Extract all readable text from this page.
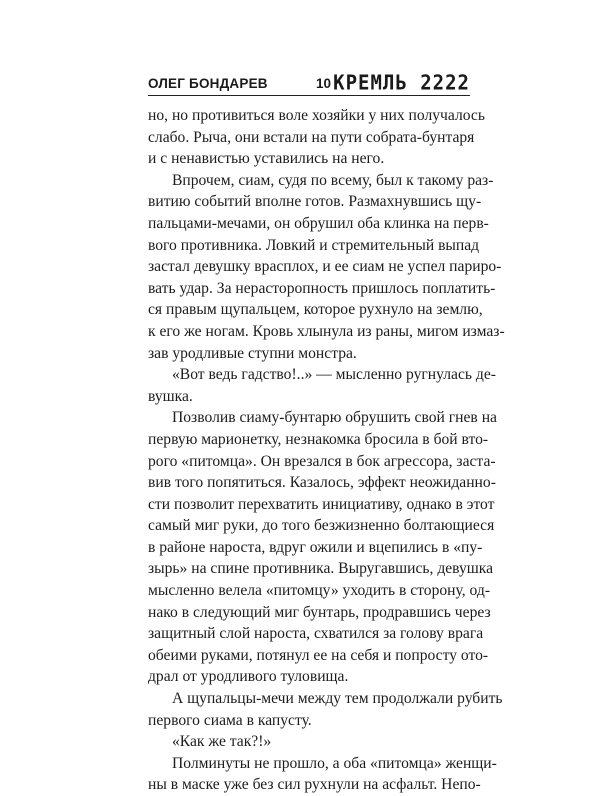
ОЛЕГ БОНДАРЕВ	10 КРЕМЛЬ 2222
но, но противиться воле хозяйки у них получалось
слабо. Рыча, они встали на пути собрата-бунтаря
и с ненавистью уставились на него.
Впрочем, сиам, судя по всему, был к такому раз-
витию событий вполне готов. Размахнувшись щу-
пальцами-мечами, он обрушил оба клинка на перв-
вого противника. Ловкий и стремительный выпад
застал девушку врасплох, и ее сиам не успел париро-
вать удар. За нерасторопность пришлось поплатить-
ся правым щупальцем, которое рухнуло на землю,
к его же ногам. Кровь хлынула из раны, мигом измаз-
зав уродливые ступни монстра.
«Вот ведь гадство!..» — мысленно ругнулась де-
вушка.
Позволив сиаму-бунтарю обрушить свой гнев на
первую марионетку, незнакомка бросила в бой вто-
рого «питомца». Он врезался в бок агрессора, заста-
вив того попятиться. Казалось, эффект неожиданно-
сти позволит перехватить инициативу, однако в этот
самый миг руки, до того безжизненно болтающиеся
в районе нароста, вдруг ожили и вцепились в «пу-
зырь» на спине противника. Выругавшись, девушка
мысленно велела «питомцу» уходить в сторону, од-
нако в следующий миг бунтарь, продравшись через
защитный слой нароста, схватился за голову врага
обеими руками, потянул ее на себя и попросту ото-
драл от уродливого туловища.
А щупальцы-мечи между тем продолжали рубить
первого сиама в капусту.
«Как же так?!»
Полминуты не прошло, а оба «питомца» женщи-
ны в маске уже без сил рухнули на асфальт. Непо-
